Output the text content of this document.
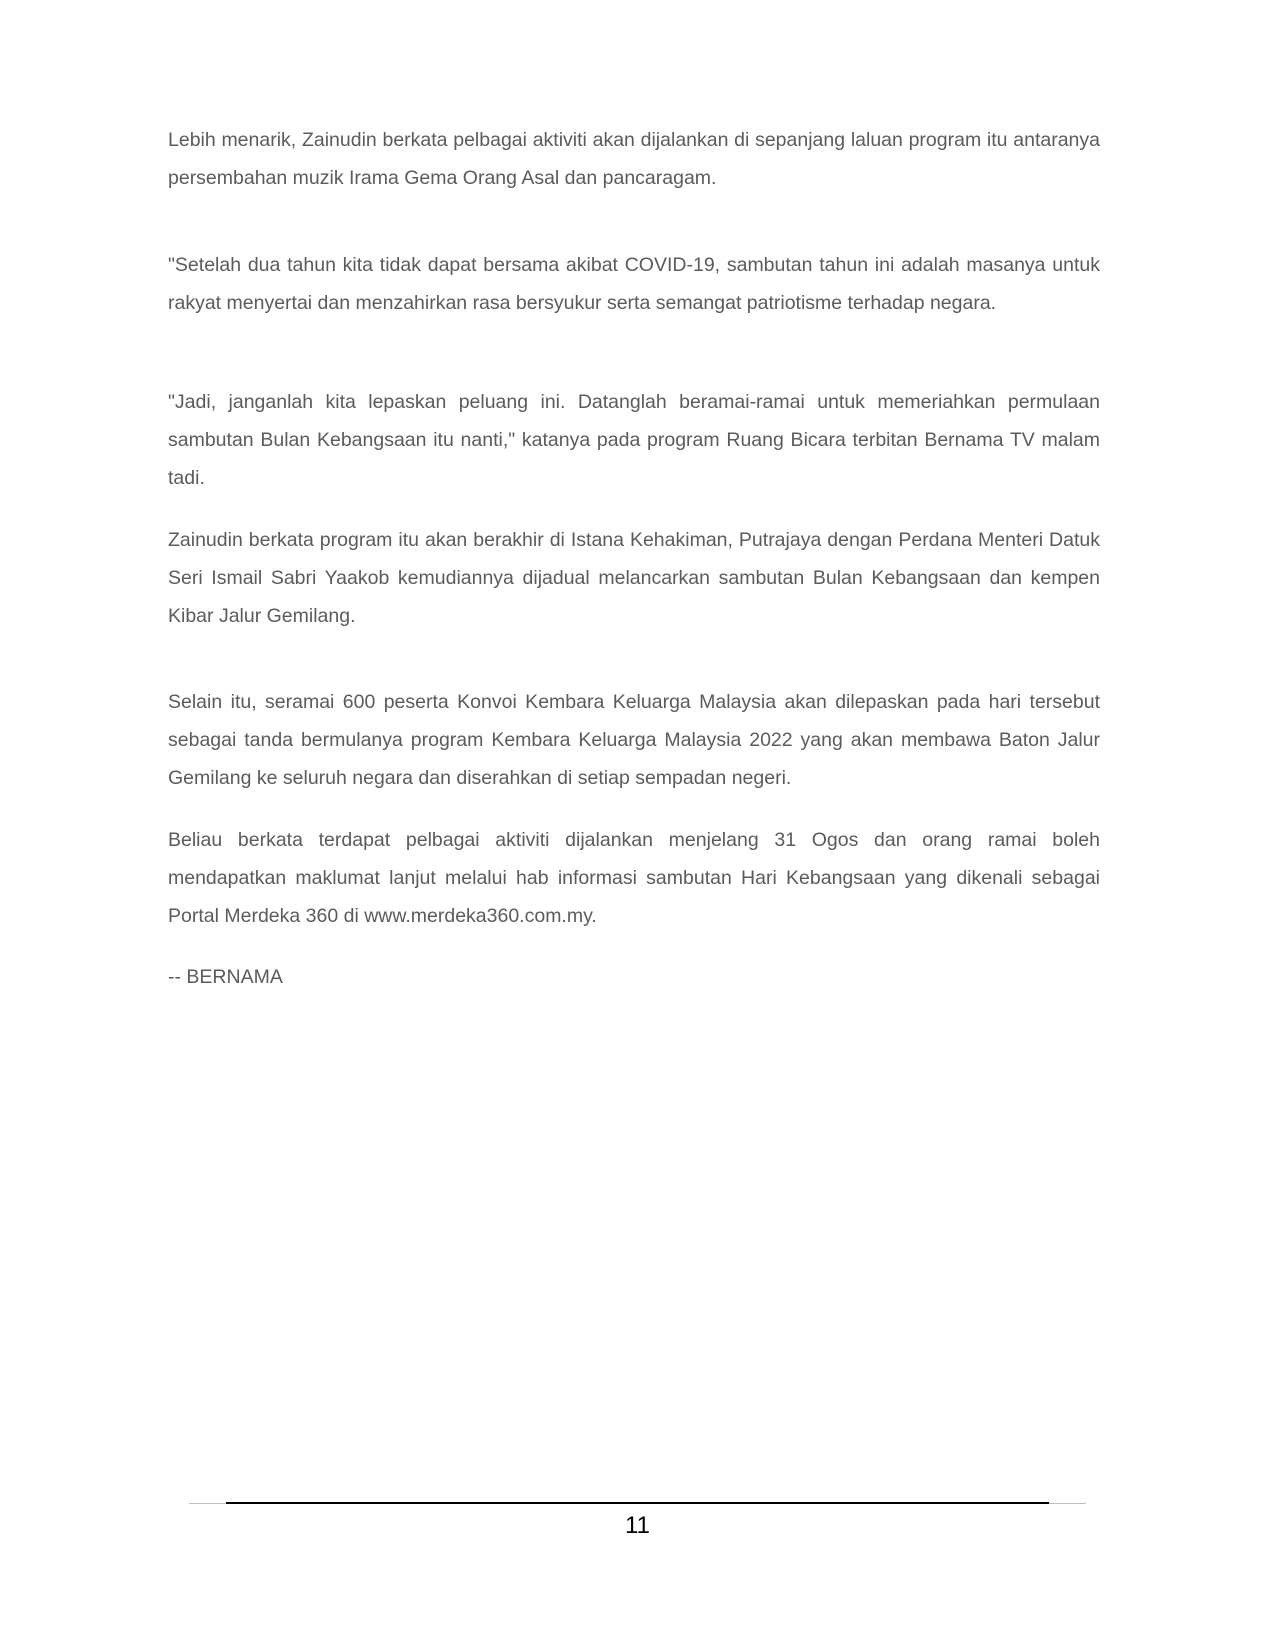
Lebih menarik, Zainudin berkata pelbagai aktiviti akan dijalankan di sepanjang laluan program itu antaranya persembahan muzik Irama Gema Orang Asal dan pancaragam.

"Setelah dua tahun kita tidak dapat bersama akibat COVID-19, sambutan tahun ini adalah masanya untuk rakyat menyertai dan menzahirkan rasa bersyukur serta semangat patriotisme terhadap negara.

"Jadi, janganlah kita lepaskan peluang ini. Datanglah beramai-ramai untuk memeriahkan permulaan sambutan Bulan Kebangsaan itu nanti," katanya pada program Ruang Bicara terbitan Bernama TV malam tadi.

Zainudin berkata program itu akan berakhir di Istana Kehakiman, Putrajaya dengan Perdana Menteri Datuk Seri Ismail Sabri Yaakob kemudiannya dijadual melancarkan sambutan Bulan Kebangsaan dan kempen Kibar Jalur Gemilang.

Selain itu, seramai 600 peserta Konvoi Kembara Keluarga Malaysia akan dilepaskan pada hari tersebut sebagai tanda bermulanya program Kembara Keluarga Malaysia 2022 yang akan membawa Baton Jalur Gemilang ke seluruh negara dan diserahkan di setiap sempadan negeri.

Beliau berkata terdapat pelbagai aktiviti dijalankan menjelang 31 Ogos dan orang ramai boleh mendapatkan maklumat lanjut melalui hab informasi sambutan Hari Kebangsaan yang dikenali sebagai Portal Merdeka 360 di www.merdeka360.com.my.

-- BERNAMA

11
